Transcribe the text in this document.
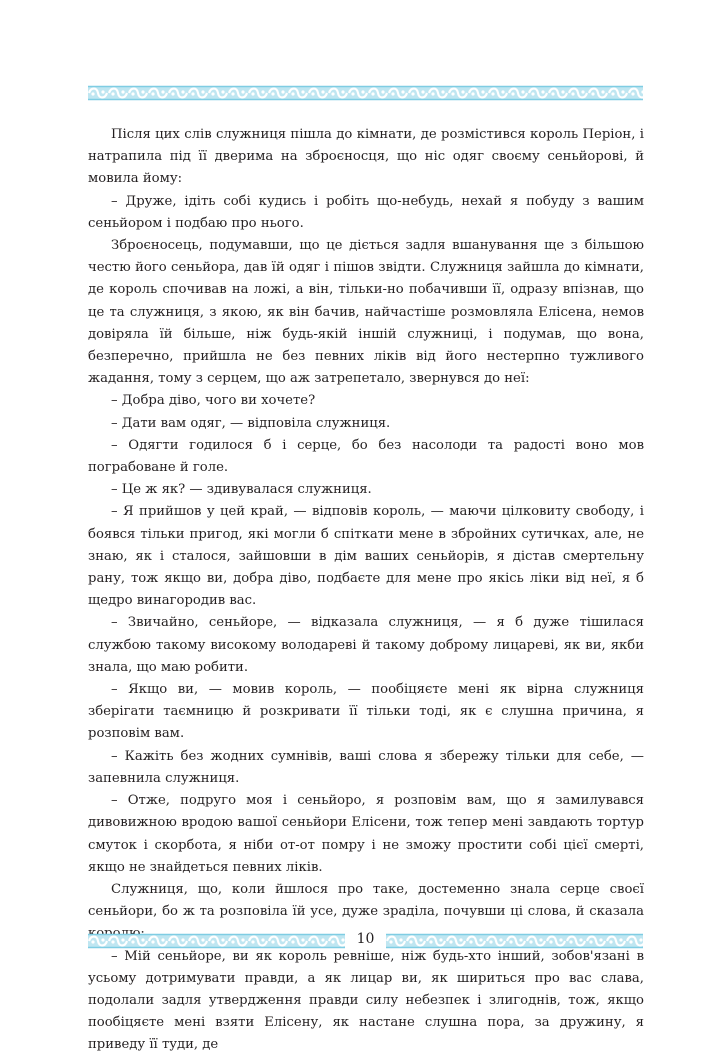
Після цих слів служниця пішла до кімнати, де розмістився король Періон, і натрапила під її дверима на зброєносця, що ніс одяг своєму сеньйорові, й мовила йому:

– Друже, ідіть собі кудись і робіть що-небудь, нехай я побуду з вашим сеньйором і подбаю про нього.

Зброєносець, подумавши, що це діється задля вшанування ще з більшою честю його сеньйора, дав їй одяг і пішов звідти. Служниця зайшла до кімнати, де король спочивав на ложі, а він, тільки-но побачивши її, одразу впізнав, що це та служниця, з якою, як він бачив, найчастіше розмовляла Елісена, немов довіряла їй більше, ніж будь-якій іншій служниці, і подумав, що вона, безперечно, прийшла не без певних ліків від його нестерпно тужливого жадання, тому з серцем, що аж затрепетало, звернувся до неї:

– Добра діво, чого ви хочете?

– Дати вам одяг, — відповіла служниця.

– Одягти годилося б і серце, бо без насолоди та радості воно мов пограбоване й голе.

– Це ж як? — здивувалася служниця.

– Я прийшов у цей край, — відповів король, — маючи цілковиту свободу, і боявся тільки пригод, які могли б спіткати мене в збройних сутичках, але, не знаю, як і сталося, зайшовши в дім ваших сеньйорів, я дістав смертельну рану, тож якщо ви, добра діво, подбаєте для мене про якісь ліки від неї, я б щедро винагородив вас.

– Звичайно, сеньйоре, — відказала служниця, — я б дуже тішилася службою такому високому володареві й такому доброму лицареві, як ви, якби знала, що маю робити.

– Якщо ви, — мовив король, — пообіцяєте мені як вірна служниця зберігати таємницю й розкривати її тільки тоді, як є слушна причина, я розповім вам.

– Кажіть без жодних сумнівів, ваші слова я збережу тільки для себе, — запевнила служниця.

– Отже, подруго моя і сеньйоро, я розповім вам, що я замилувався дивовижною вродою вашої сеньйори Елісени, тож тепер мені завдають тортур смуток і скорбота, я ніби от-от помру і не зможу простити собі цієї смерті, якщо не знайдеться певних ліків.

Служниця, що, коли йшлося про таке, достеменно знала серце своєї сеньйори, бо ж та розповіла їй усе, дуже зраділа, почувши ці слова, й сказала

– Мій сеньйоре, ви як король ревніше, ніж будь-хто інший, зобов'язані в усьому дотримувати правди, а як лицар ви, як шириться про вас слава, подолали задля утвердження правди силу небезпек і злигоднів, тож, якщо пообіцяєте мені взяти Елісену, як настане слушна пора, за дружину, я приведу її туди, де

10
